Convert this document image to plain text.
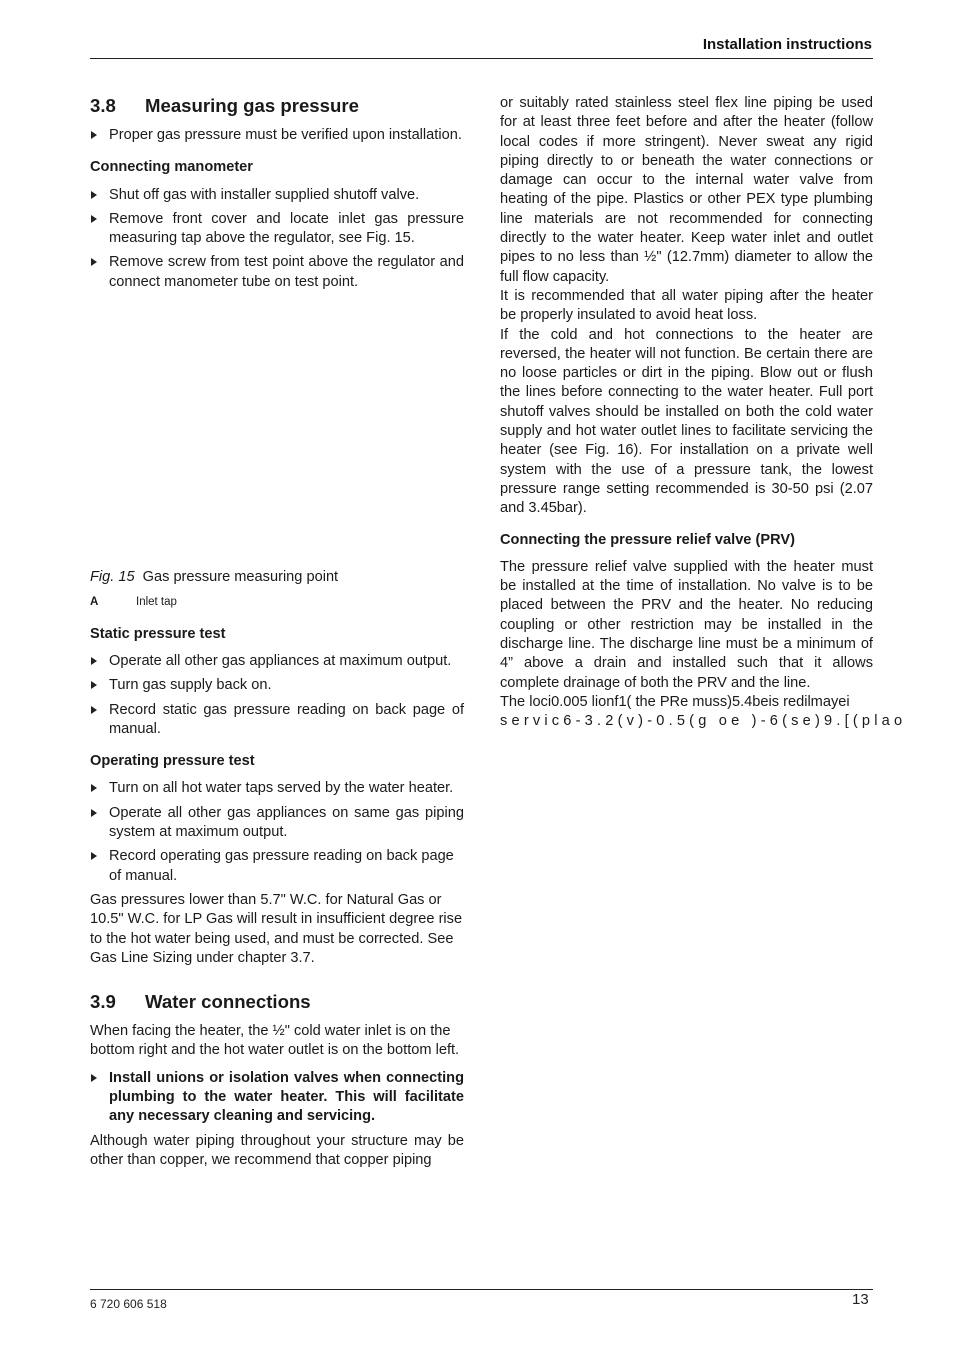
Installation instructions
3.8	Measuring gas pressure
Proper gas pressure must be verified upon installation.
Connecting manometer
Shut off gas with installer supplied shutoff valve.
Remove front cover and locate inlet gas pressure measuring tap above the regulator, see Fig. 15.
Remove screw from test point above the regulator and connect manometer tube on test point.
Fig. 15 Gas pressure measuring point
A	Inlet tap
Static pressure test
Operate all other gas appliances at maximum output.
Turn gas supply back on.
Record static gas pressure reading on back page of manual.
Operating pressure test
Turn on all hot water taps served by the water heater.
Operate all other gas appliances on same gas piping system at maximum output.
Record operating gas pressure reading on back page of manual.

Gas pressures lower than 5.7" W.C. for Natural Gas or 10.5" W.C. for LP Gas will result in insufficient degree rise to the hot water being used, and must be corrected. See Gas Line Sizing under chapter 3.7.

3.9	Water connections

When facing the heater, the ½" cold water inlet is on the bottom right and the hot water outlet is on the bottom left.

Install unions or isolation valves when connecting plumbing to the water heater. This will facilitate any necessary cleaning and servicing.

Although water piping throughout your structure may be other than copper, we recommend that copper piping

or suitably rated stainless steel flex line piping be used for at least three feet before and after the heater (follow local codes if more stringent). Never sweat any rigid piping directly to or beneath the water connections or damage can occur to the internal water valve from heating of the pipe. Plastics or other PEX type plumbing line materials are not recommended for connecting directly to the water heater. Keep water inlet and outlet pipes to no less than ½" (12.7mm) diameter to allow the full flow capacity.

It is recommended that all water piping after the heater be properly insulated to avoid heat loss.

If the cold and hot connections to the heater are reversed, the heater will not function. Be certain there are no loose particles or dirt in the piping. Blow out or flush the lines before connecting to the water heater. Full port shutoff valves should be installed on both the cold water supply and hot water outlet lines to facilitate servicing the heater (see Fig. 16). For installation on a private well system with the use of a pressure tank, the lowest pressure range setting recommended is 30-50 psi (2.07 and 3.45bar).

Connecting the pressure relief valve (PRV)

The pressure relief valve supplied with the heater must be installed at the time of installation. No valve is to be placed between the PRV and the heater. No reducing coupling or other restriction may be installed in the discharge line. The discharge line must be a minimum of 4” above a drain and installed such that it allows complete drainage of both the PRV and the line.

The loci0.005 lionf1( the PRe muss)5.4beis redilmayei
servic6-3.2(v)-0.5(g oe )-6(se)9.[(plao
6 720 606 518	13
